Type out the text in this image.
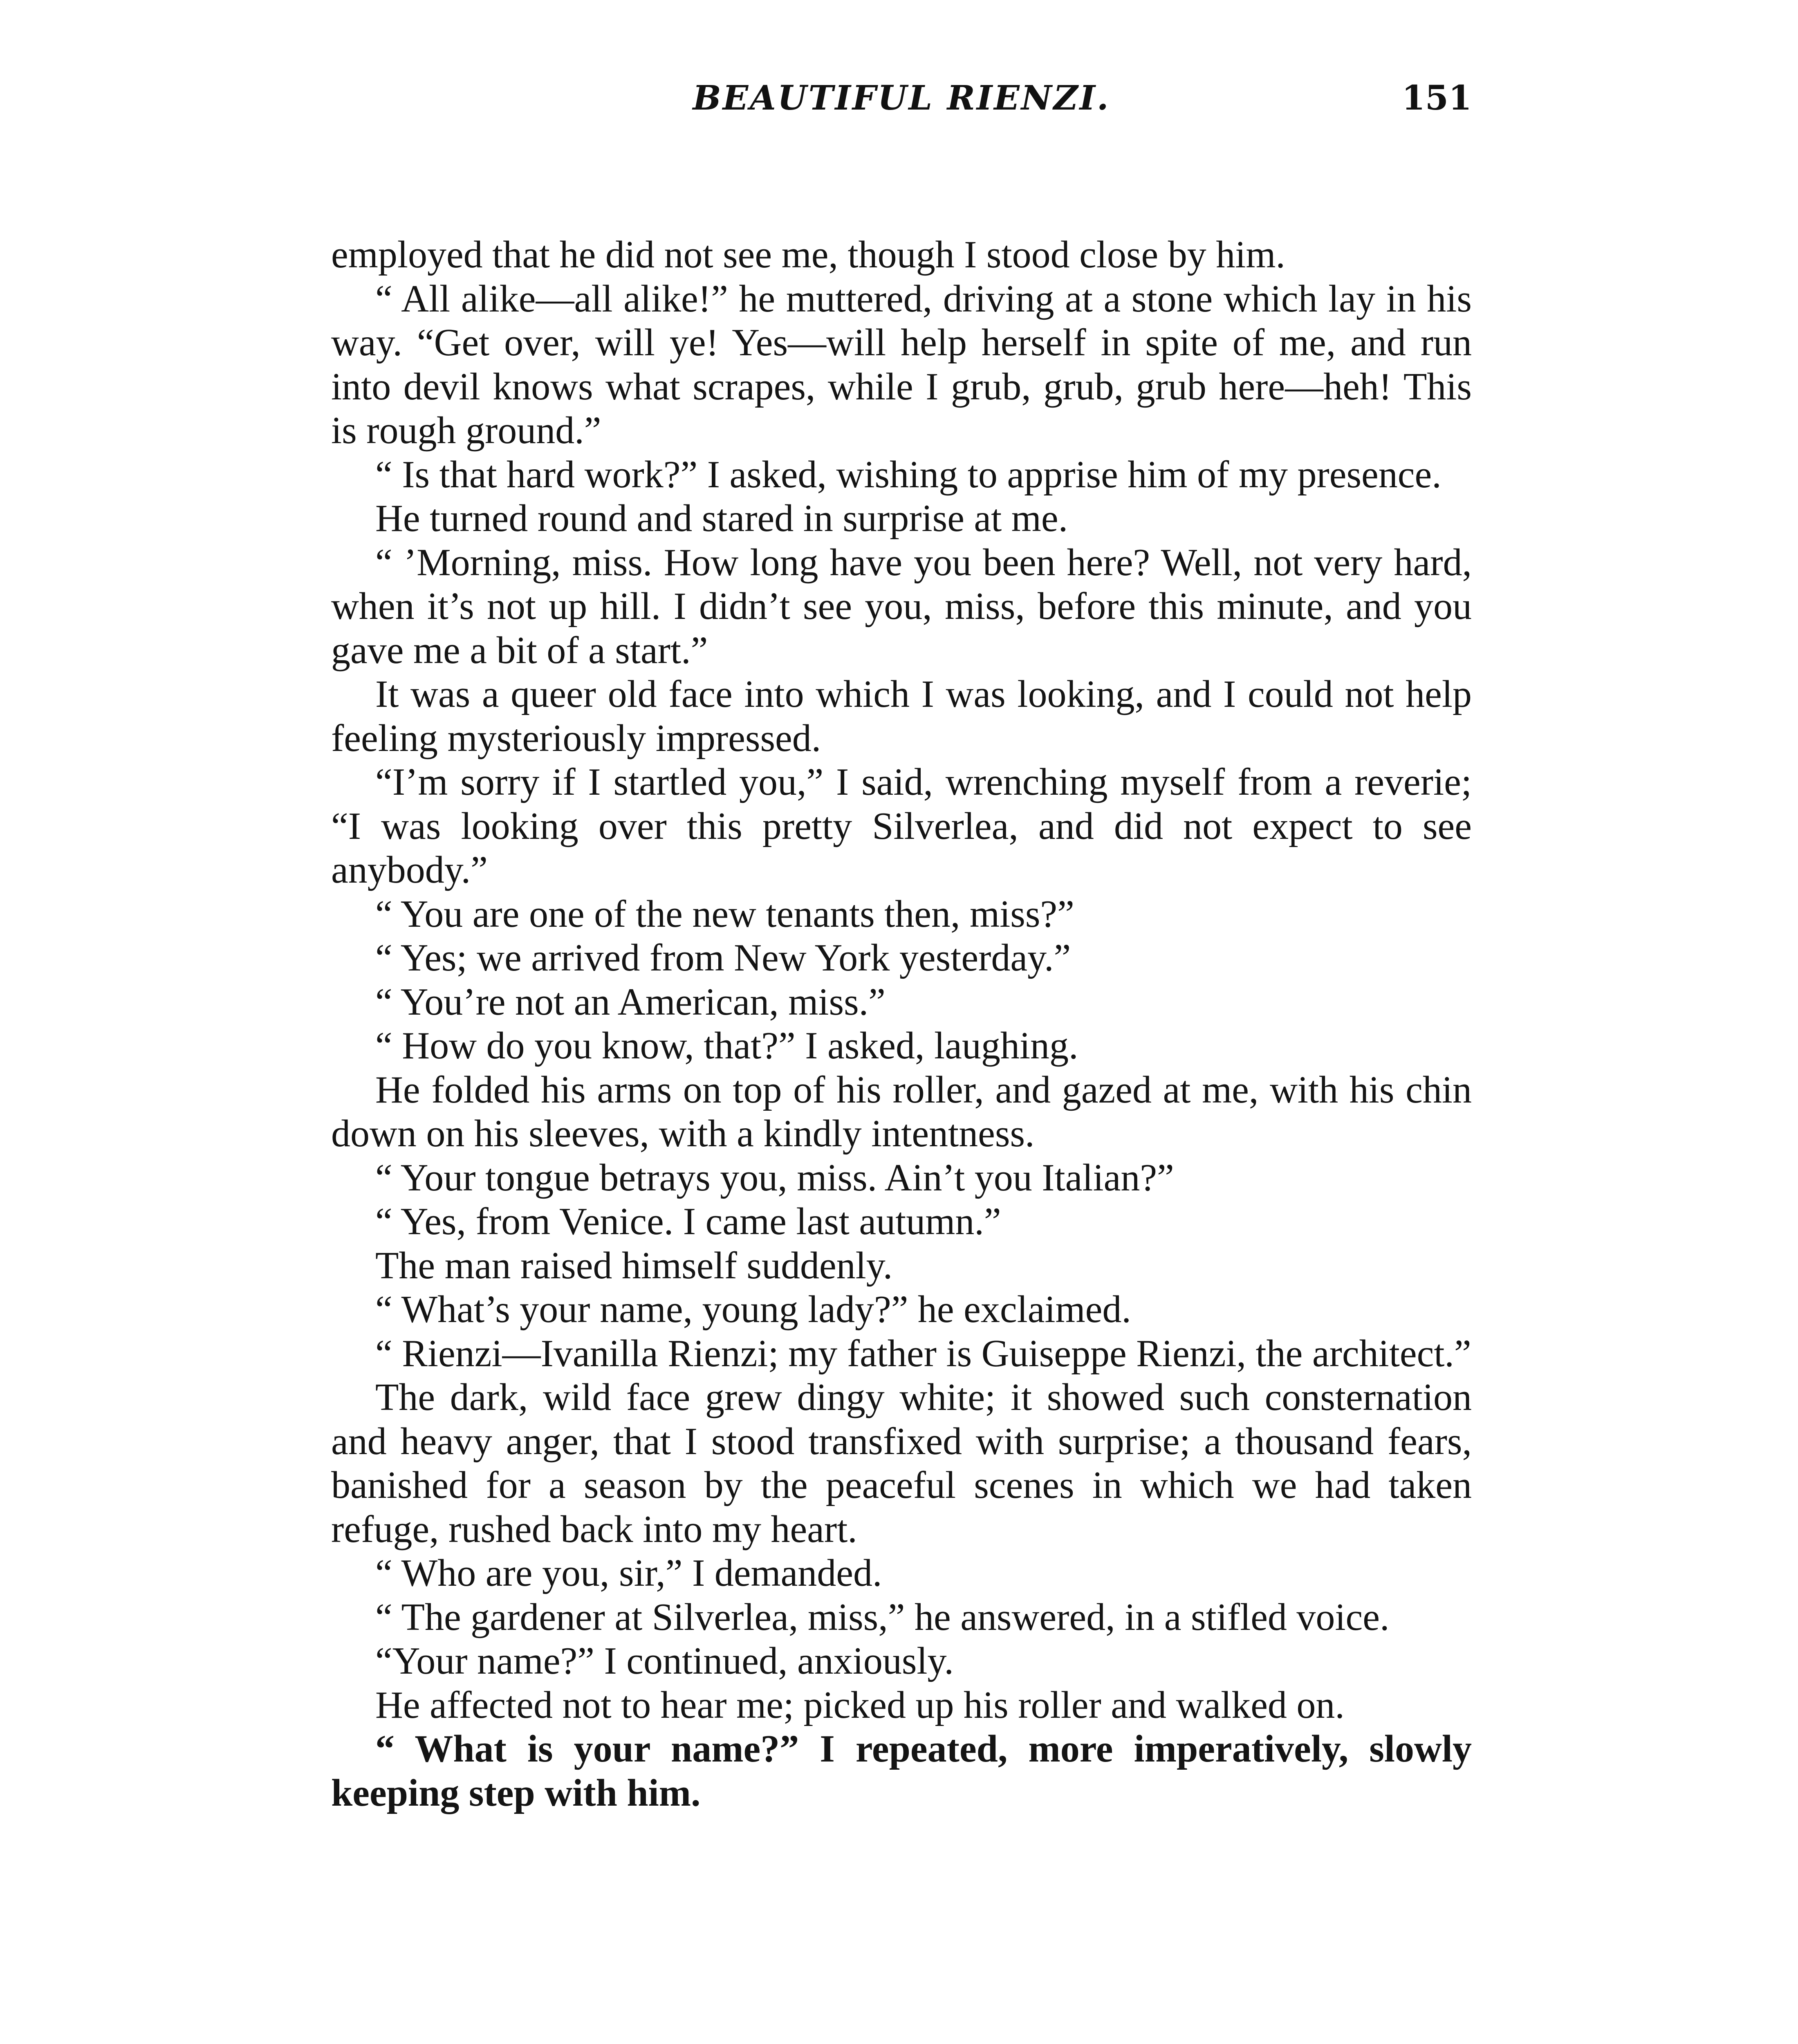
BEAUTIFUL RIENZI.	151

employed that he did not see me, though I stood close by him.

“ All alike—all alike!” he muttered, driving at a stone which lay in his way. “Get over, will ye! Yes—will help herself in spite of me, and run into devil knows what scrapes, while I grub, grub, grub here—heh! This is rough ground.”

“ Is that hard work?” I asked, wishing to apprise him of my presence.

He turned round and stared in surprise at me.

“ ’Morning, miss. How long have you been here? Well, not very hard, when it’s not up hill. I didn’t see you, miss, before this minute, and you gave me a bit of a start.”

It was a queer old face into which I was looking, and I could not help feeling mysteriously impressed.

“I’m sorry if I startled you,” I said, wrenching myself from a reverie; “I was looking over this pretty Silverlea, and did not expect to see anybody.”

“ You are one of the new tenants then, miss?”

“ Yes; we arrived from New York yesterday.”

“ You’re not an American, miss.”

“ How do you know, that?” I asked, laughing.

He folded his arms on top of his roller, and gazed at me, with his chin down on his sleeves, with a kindly intentness.

“ Your tongue betrays you, miss. Ain’t you Italian?”

“ Yes, from Venice. I came last autumn.”

The man raised himself suddenly.

“ What’s your name, young lady?” he exclaimed.

“ Rienzi—Ivanilla Rienzi; my father is Guiseppe Rienzi, the architect.”

The dark, wild face grew dingy white; it showed such consternation and heavy anger, that I stood transfixed with surprise; a thousand fears, banished for a season by the peaceful scenes in which we had taken refuge, rushed back into my heart.

“ Who are you, sir,” I demanded.

“ The gardener at Silverlea, miss,” he answered, in a stifled voice.

“Your name?” I continued, anxiously.

He affected not to hear me; picked up his roller and walked on.

“ What is your name?” I repeated, more imperatively, slowly keeping step with him.
